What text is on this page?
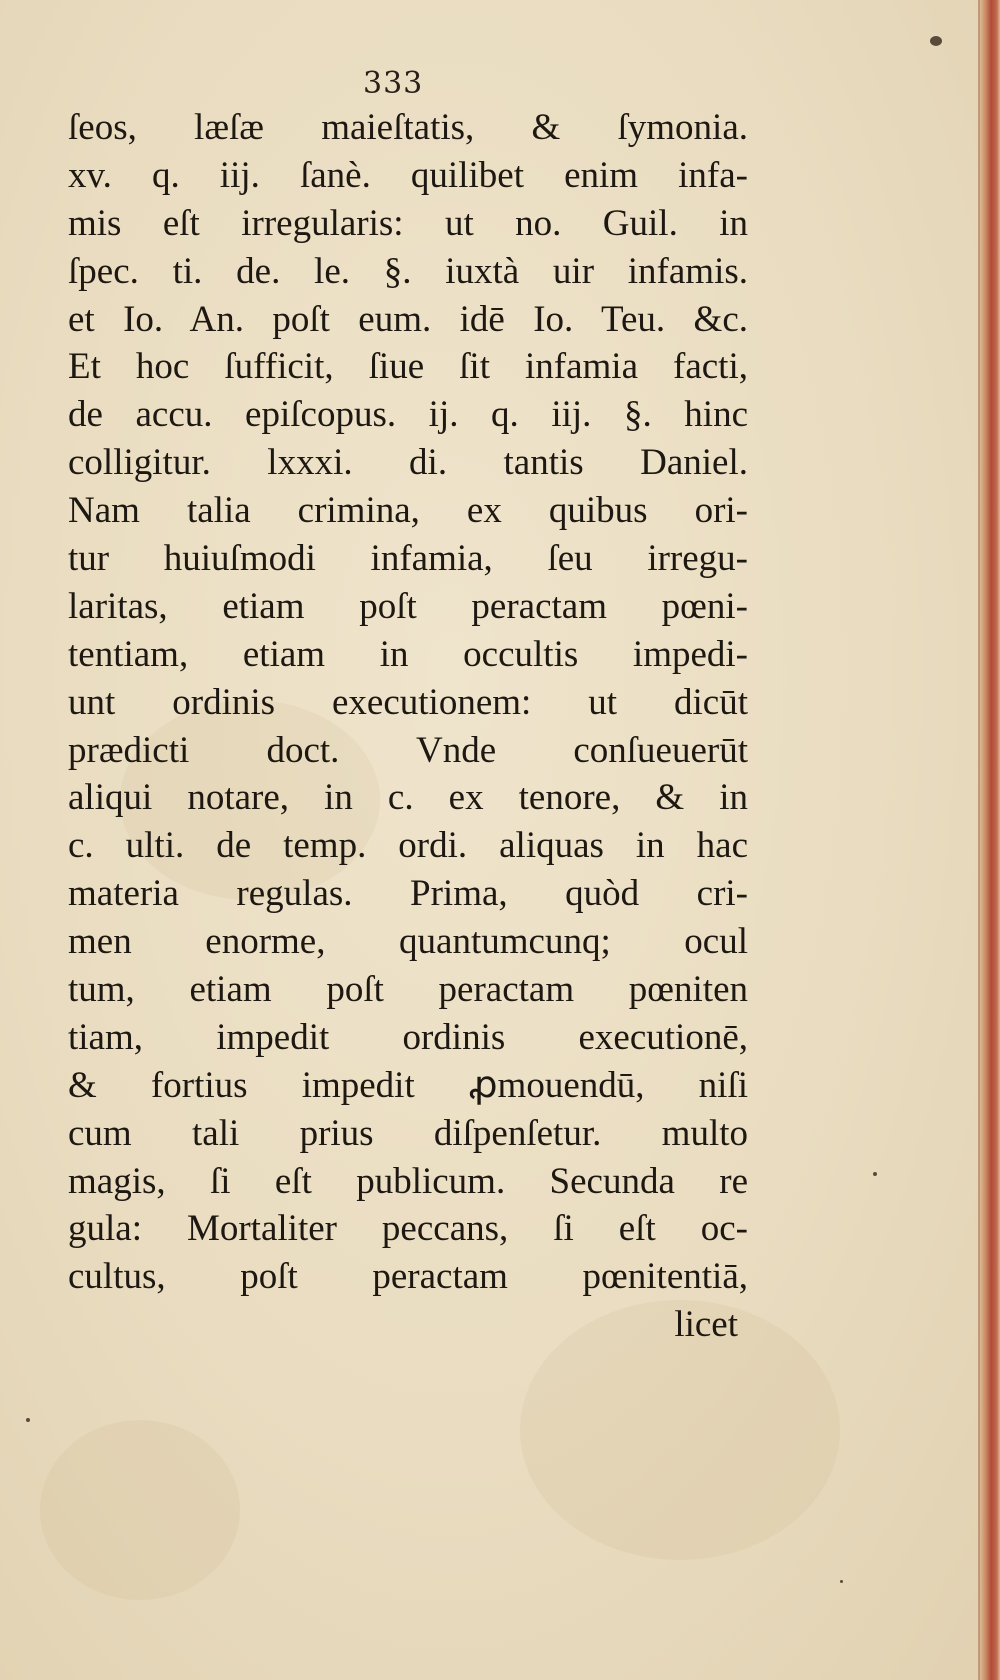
333
ſeos, læſæ maieſtatis, & ſymonia.
xv. q. iij. ſanè. quilibet enim infa-
mis eſt irregularis: ut no. Guil. in
ſpec. ti. de. le. §. iuxtà uir infamis.
et Io. An. poſt eum. idē Io. Teu. &c.
Et hoc ſufficit, ſiue ſit infamia facti,
de accu. epiſcopus. ij. q. iij. §. hinc
colligitur. lxxxi. di. tantis Daniel.
Nam talia crimina, ex quibus ori-
tur huiuſmodi infamia, ſeu irregu-
laritas, etiam poſt peractam pœni-
tentiam, etiam in occultis impedi-
unt ordinis executionem: ut dicūt
prædicti doct. Vnde conſueuerūt
aliqui notare, in c. ex tenore, & in
c. ulti. de temp. ordi. aliquas in hac
materia regulas. Prima, quòd cri-
men enorme, quantumcunq; ocul
tum, etiam poſt peractam pœniten
tiam, impedit ordinis executionē,
& fortius impedit ꝓmouendū, niſi
cum tali prius diſpenſetur. multo
magis, ſi eſt publicum. Secunda re
gula: Mortaliter peccans, ſi eſt oc-
cultus, poſt peractam pœnitentiā,
licet
